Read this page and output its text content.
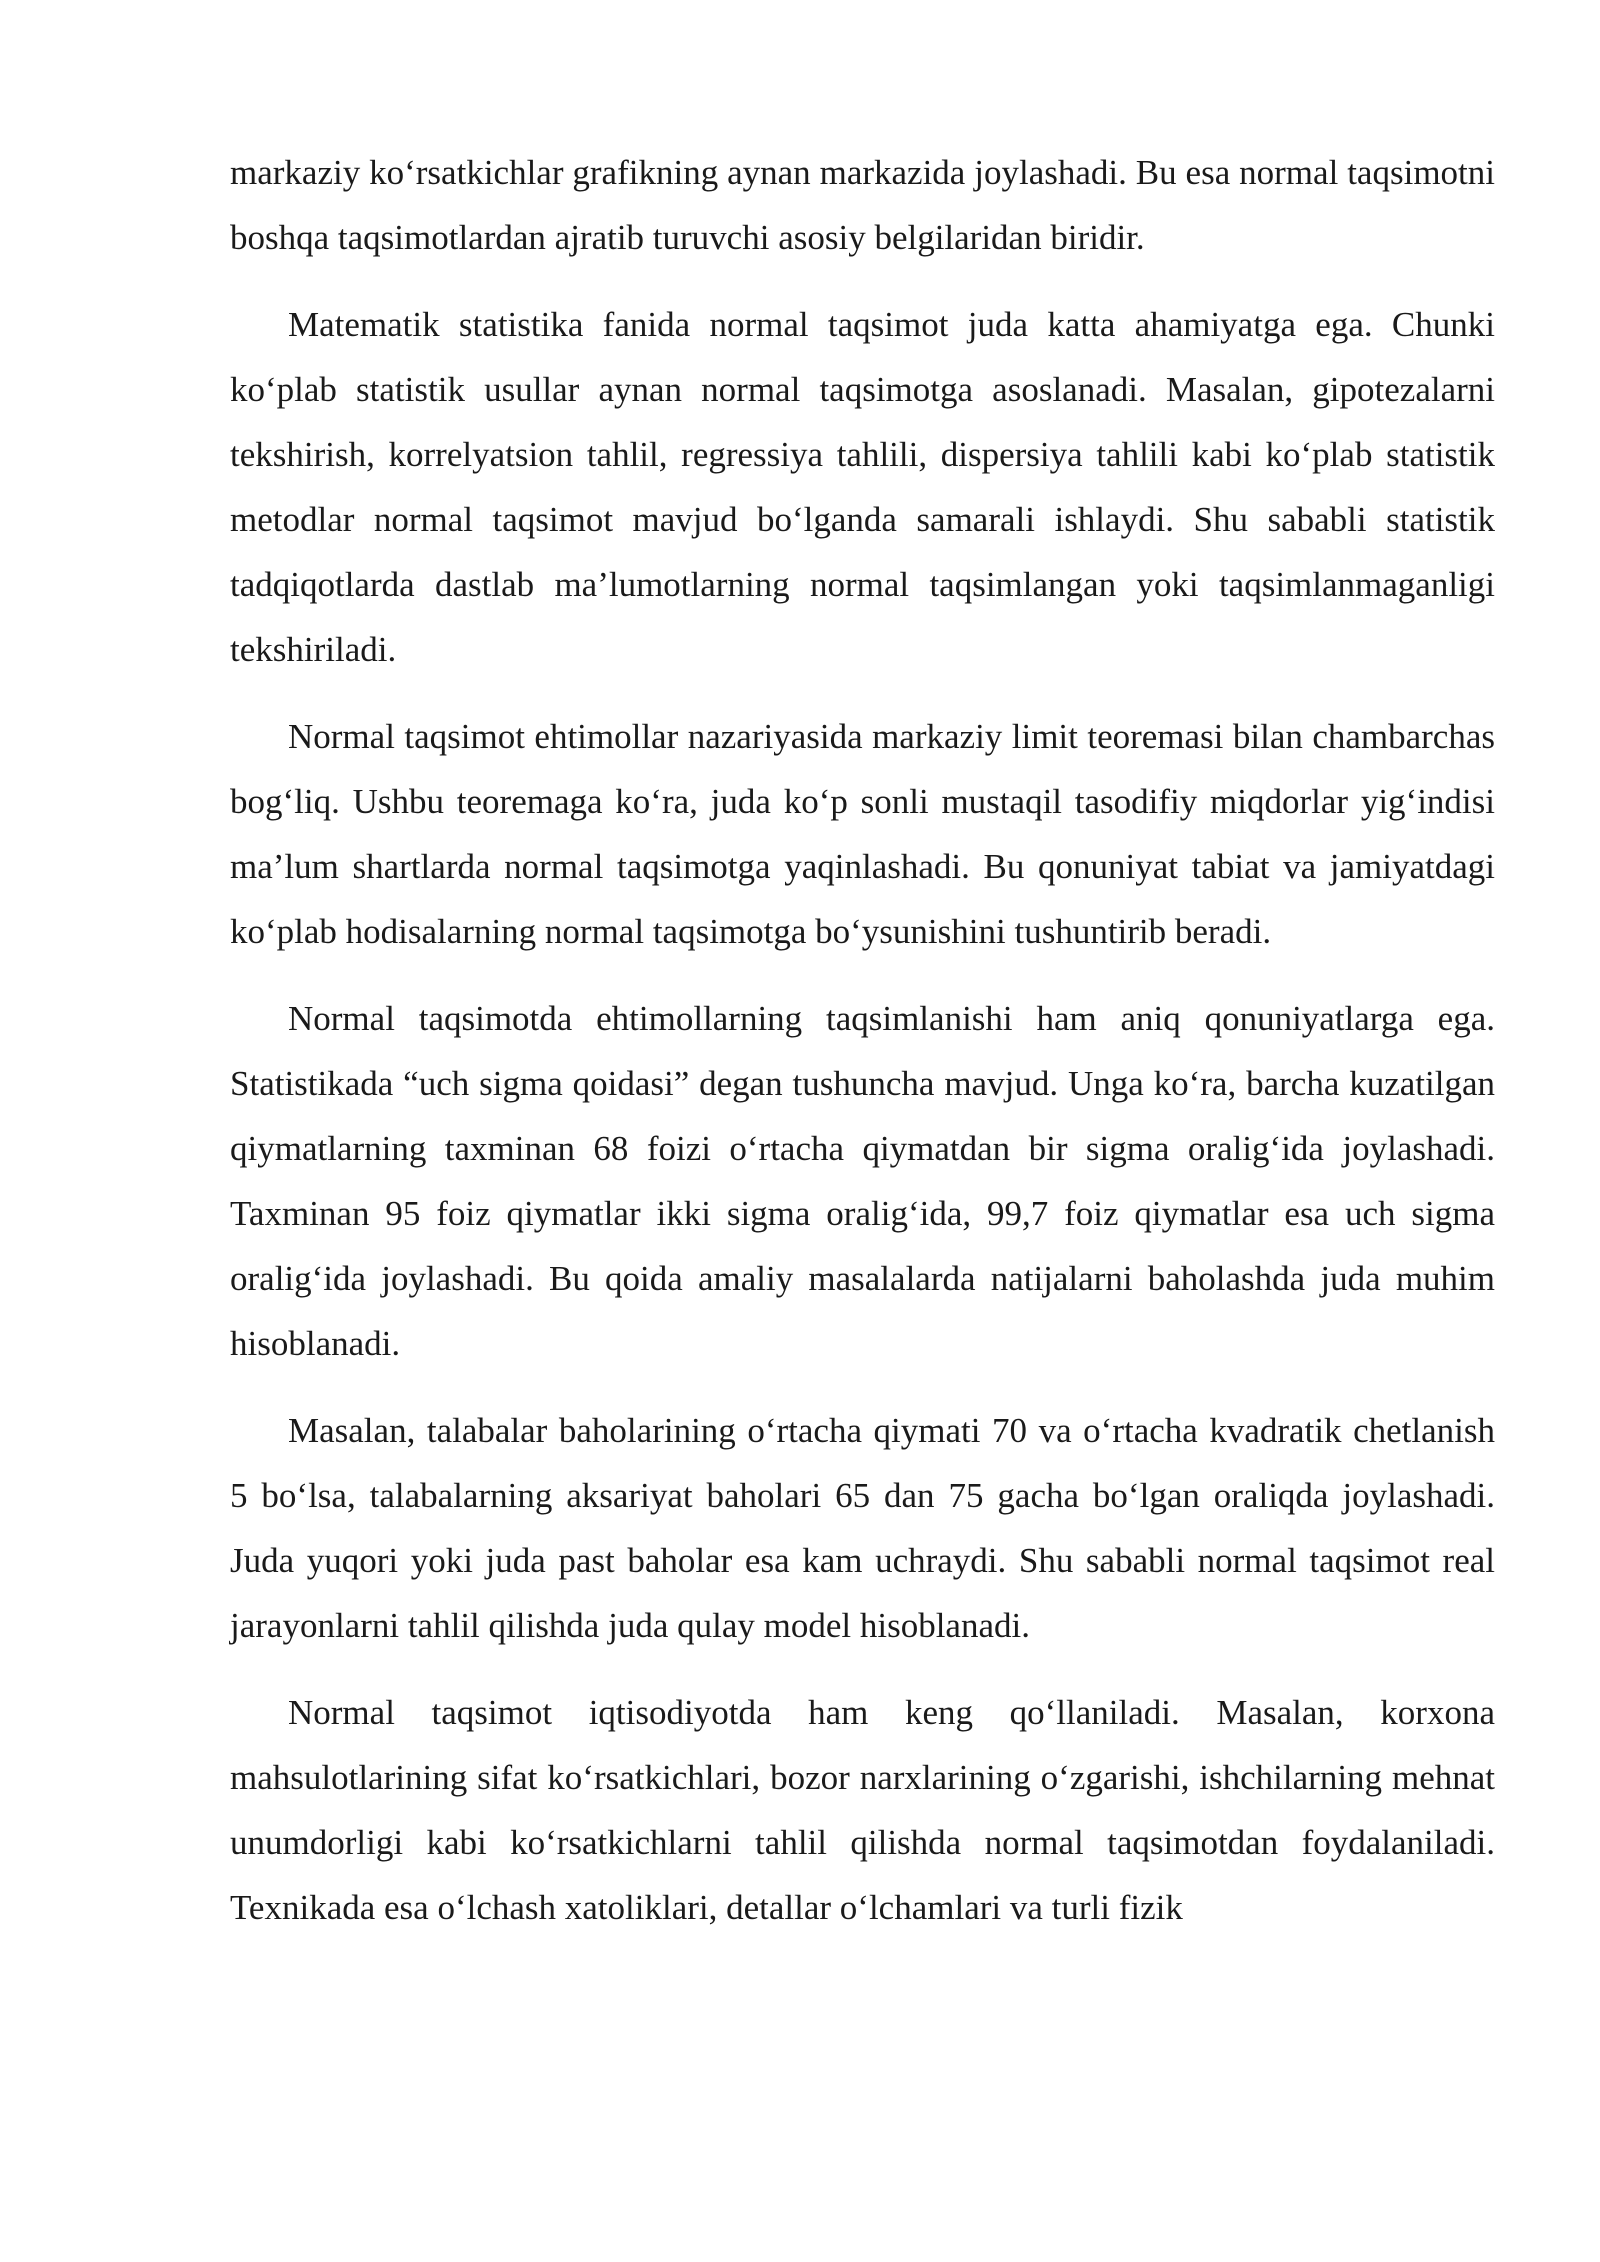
markaziy ko‘rsatkichlar grafikning aynan markazida joylashadi. Bu esa normal taqsimotni boshqa taqsimotlardan ajratib turuvchi asosiy belgilaridan biridir.

Matematik statistika fanida normal taqsimot juda katta ahamiyatga ega. Chunki ko‘plab statistik usullar aynan normal taqsimotga asoslanadi. Masalan, gipotezalarni tekshirish, korrelyatsion tahlil, regressiya tahlili, dispersiya tahlili kabi ko‘plab statistik metodlar normal taqsimot mavjud bo‘lganda samarali ishlaydi. Shu sababli statistik tadqiqotlarda dastlab ma’lumotlarning normal taqsimlangan yoki taqsimlanmaganligi tekshiriladi.

Normal taqsimot ehtimollar nazariyasida markaziy limit teoremasi bilan chambarchas bog‘liq. Ushbu teoremaga ko‘ra, juda ko‘p sonli mustaqil tasodifiy miqdorlar yig‘indisi ma’lum shartlarda normal taqsimotga yaqinlashadi. Bu qonuniyat tabiat va jamiyatdagi ko‘plab hodisalarning normal taqsimotga bo‘ysunishini tushuntirib beradi.

Normal taqsimotda ehtimollarning taqsimlanishi ham aniq qonuniyatlarga ega. Statistikada “uch sigma qoidasi” degan tushuncha mavjud. Unga ko‘ra, barcha kuzatilgan qiymatlarning taxminan 68 foizi o‘rtacha qiymatdan bir sigma oralig‘ida joylashadi. Taxminan 95 foiz qiymatlar ikki sigma oralig‘ida, 99,7 foiz qiymatlar esa uch sigma oralig‘ida joylashadi. Bu qoida amaliy masalalarda natijalarni baholashda juda muhim hisoblanadi.

Masalan, talabalar baholarining o‘rtacha qiymati 70 va o‘rtacha kvadratik chetlanish 5 bo‘lsa, talabalarning aksariyat baholari 65 dan 75 gacha bo‘lgan oraliqda joylashadi. Juda yuqori yoki juda past baholar esa kam uchraydi. Shu sababli normal taqsimot real jarayonlarni tahlil qilishda juda qulay model hisoblanadi.

Normal taqsimot iqtisodiyotda ham keng qo‘llaniladi. Masalan, korxona mahsulotlarining sifat ko‘rsatkichlari, bozor narxlarining o‘zgarishi, ishchilarning mehnat unumdorligi kabi ko‘rsatkichlarni tahlil qilishda normal taqsimotdan foydalaniladi. Texnikada esa o‘lchash xatoliklari, detallar o‘lchamlari va turli fizik
